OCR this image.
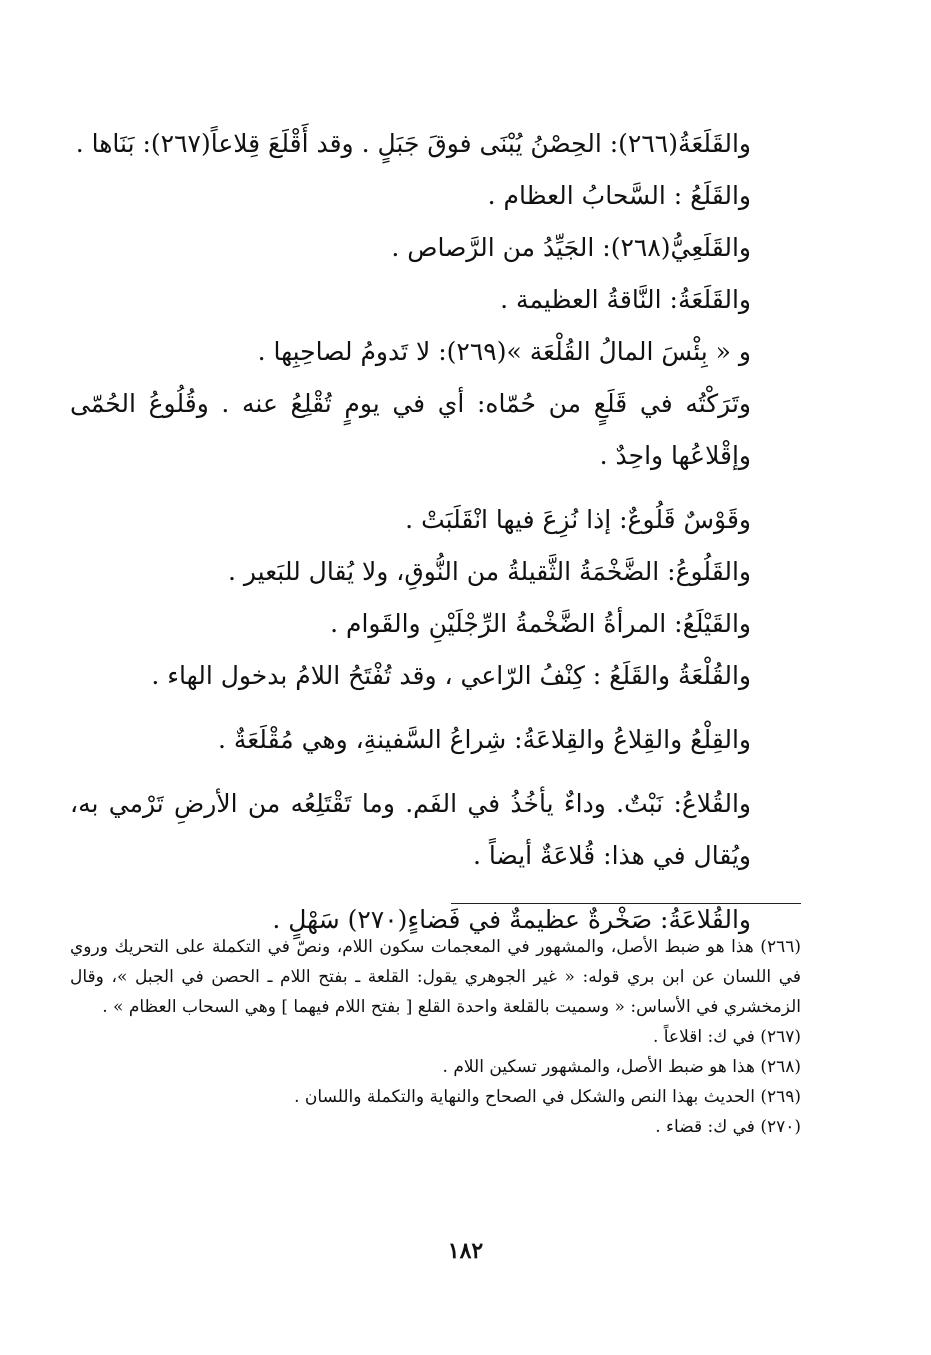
والقَلَعَةُ(٢٦٦): الحِصْنُ يُبْنَى فوقَ جَبَلٍ . وقد أَقْلَعَ قِلاعاً(٢٦٧): بَنَاها .

والقَلَعُ : السَّحابُ العظام .

والقَلَعِيُّ(٢٦٨): الجَيِّدُ من الرَّصاص .

والقَلَعَةُ: النَّاقةُ العظيمة .

و « بِئْسَ المالُ القُلْعَة »(٢٦٩): لا تَدومُ لصاحِبِها .

وتَرَكْتُه في قَلَعٍ من حُمّاه: أي في يومٍ تُقْلِعُ عنه . وقُلُوعُ الحُمّى وإقْلاعُها واحِدٌ .

وقَوْسٌ قَلُوعٌ: إذا نُزِعَ فيها انْقَلَبَتْ .

والقَلُوعُ: الضَّخْمَةُ الثَّقيلةُ من النُّوقِ، ولا يُقال للبَعير .

والقَيْلَعُ: المرأةُ الضَّخْمةُ الرِّجْلَيْنِ والقَوام .

والقُلْعَةُ والقَلَعُ : كِنْفُ الرّاعي ، وقد تُفْتَحُ اللامُ بدخول الهاء .

والقِلْعُ والقِلاعُ والقِلاعَةُ: شِراعُ السَّفينةِ، وهي مُقْلَعَةٌ .

والقُلاعُ: نَبْتٌ. وداءٌ يأخُذُ في الفَم. وما تَقْتَلِعُه من الأرضِ تَرْمي به، ويُقال في هذا: قُلاعَةٌ أيضاً .

والقُلاعَةُ: صَخْرةٌ عظيمةٌ في فَضاءٍ(٢٧٠) سَهْلٍ .

(٢٦٦) هذا هو ضبط الأصل، والمشهور في المعجمات سكون اللام، ونصّ في التكملة على التحريك وروي في اللسان عن ابن بري قوله: « غير الجوهري يقول: القلعة ـ بفتح اللام ـ الحصن في الجبل »، وقال الزمخشري في الأساس: « وسميت بالقلعة واحدة القلع [ بفتح اللام فيهما ] وهي السحاب العظام » .

(٢٦٧) في ك: اقلاعاً .

(٢٦٨) هذا هو ضبط الأصل، والمشهور تسكين اللام .

(٢٦٩) الحديث بهذا النص والشكل في الصحاح والنهاية والتكملة واللسان .

(٢٧٠) في ك: قضاء .

١٨٢
